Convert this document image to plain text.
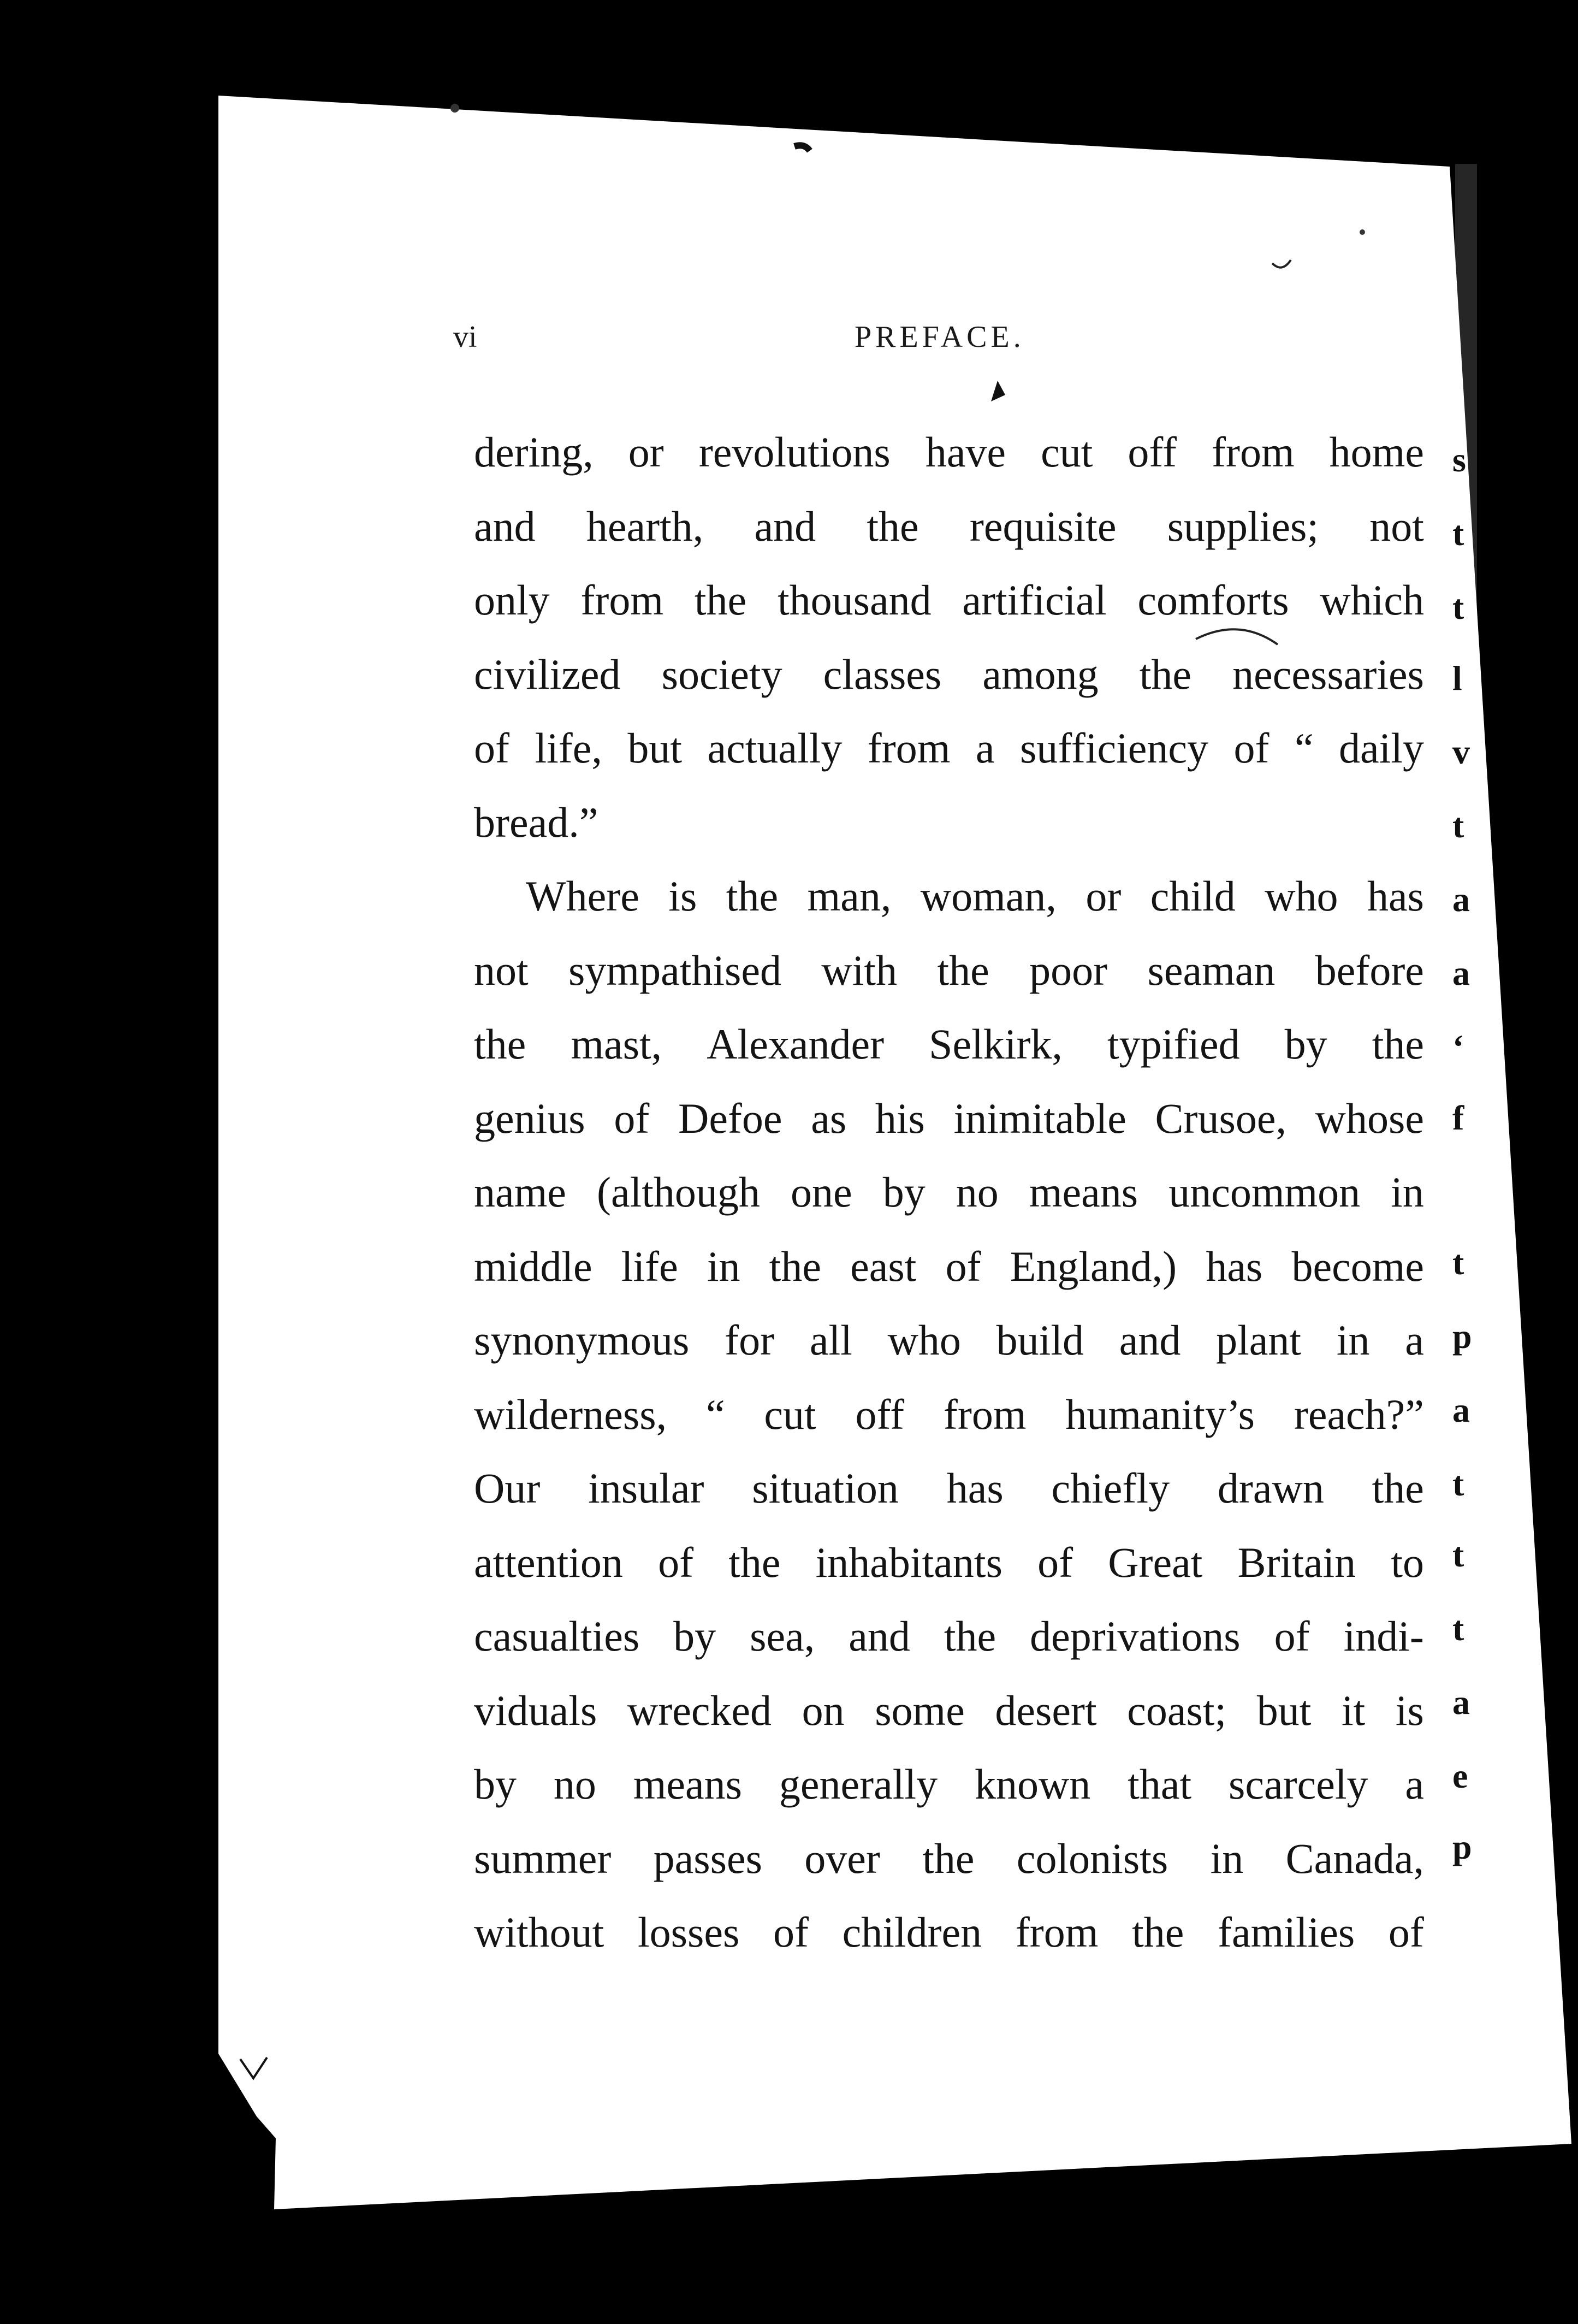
vi	PREFACE.
dering, or revolutions have cut off from home
and hearth, and the requisite supplies; not
only from the thousand artificial comforts which
civilized society classes among the necessaries
of life, but actually from a sufficiency of “ daily
bread.”
Where is the man, woman, or child who has
not sympathised with the poor seaman before
the mast, Alexander Selkirk, typified by the
genius of Defoe as his inimitable Crusoe, whose
name (although one by no means uncommon in
middle life in the east of England,) has become
synonymous for all who build and plant in a
wilderness, “ cut off from humanity’s reach?”
Our insular situation has chiefly drawn the
attention of the inhabitants of Great Britain to
casualties by sea, and the deprivations of indi-
viduals wrecked on some desert coast; but it is
by no means generally known that scarcely a
summer passes over the colonists in Canada,
without losses of children from the families of
s
t
t
l
v
t
a
a
‘
f
t
p
a
t
t
t
a
e
p
